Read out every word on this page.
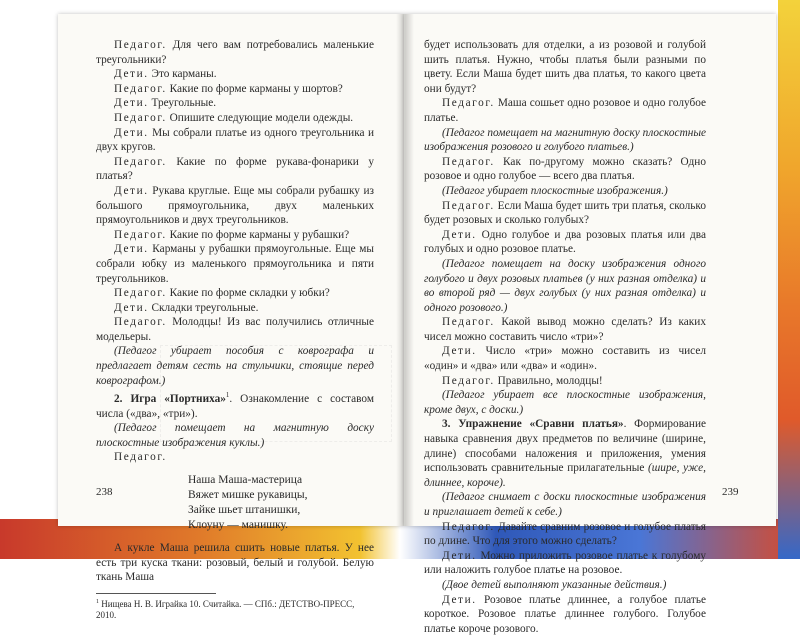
Педагог. Для чего вам потребовались маленькие треугольники?

Дети. Это карманы.

Педагог. Какие по форме карманы у шортов?

Дети. Треугольные.

Педагог. Опишите следующие модели одежды.

Дети. Мы собрали платье из одного треугольника и двух кругов.

Педагог. Какие по форме рукава-фонарики у платья?

Дети. Рукава круглые. Еще мы собрали рубашку из большого прямоугольника, двух маленьких прямоугольников и двух треугольников.

Педагог. Какие по форме карманы у рубашки?

Дети. Карманы у рубашки прямоугольные. Еще мы собрали юбку из маленького прямоугольника и пяти треугольников.

Педагог. Какие по форме складки у юбки?

Дети. Складки треугольные.

Педагог. Молодцы! Из вас получились отличные модельеры.

(Педагог убирает пособия с коврографа и предлагает детям сесть на стульчики, стоящие перед коврографом.)

2. Игра «Портниха»$^1$. Ознакомление с составом числа («два», «три»).

(Педагог помещает на магнитную доску плоскостные изображения куклы.)

Педагог.

Наша Маша-мастерица
Вяжет мишке рукавицы,
Зайке шьет штанишки,
Клоуну — манишку.

А кукле Маша решила сшить новые платья. У нее есть три куска ткани: розовый, белый и голубой. Белую ткань Маша

$^1$ Нищева Н. В. Играйка 10. Считайка. — СПб.: ДЕТСТВО-ПРЕСС, 2010.

238

будет использовать для отделки, а из розовой и голубой шить платья. Нужно, чтобы платья были разными по цвету. Если Маша будет шить два платья, то какого цвета они будут?

Педагог. Маша сошьет одно розовое и одно голубое платье.

(Педагог помещает на магнитную доску плоскостные изображения розового и голубого платьев.)

Педагог. Как по-другому можно сказать? Одно розовое и одно голубое — всего два платья.

(Педагог убирает плоскостные изображения.)

Педагог. Если Маша будет шить три платья, сколько будет розовых и сколько голубых?

Дети. Одно голубое и два розовых платья или два голубых и одно розовое платье.

(Педагог помещает на доску изображения одного голубого и двух розовых платьев (у них разная отделка) и во второй ряд — двух голубых (у них разная отделка) и одного розового.)

Педагог. Какой вывод можно сделать? Из каких чисел можно составить число «три»?

Дети. Число «три» можно составить из чисел «один» и «два» или «два» и «один».

Педагог. Правильно, молодцы!

(Педагог убирает все плоскостные изображения, кроме двух, с доски.)

3. Упражнение «Сравни платья». Формирование навыка сравнения двух предметов по величине (ширине, длине) способами наложения и приложения, умения использовать сравнительные прилагательные (шире, уже, длиннее, короче).

(Педагог снимает с доски плоскостные изображения и приглашает детей к себе.)

Педагог. Давайте сравним розовое и голубое платья по длине. Что для этого можно сделать?

Дети. Можно приложить розовое платье к голубому или наложить голубое платье на розовое.

(Двое детей выполняют указанные действия.)

Дети. Розовое платье длиннее, а голубое платье короткое. Розовое платье длиннее голубого. Голубое платье короче розового.

239
